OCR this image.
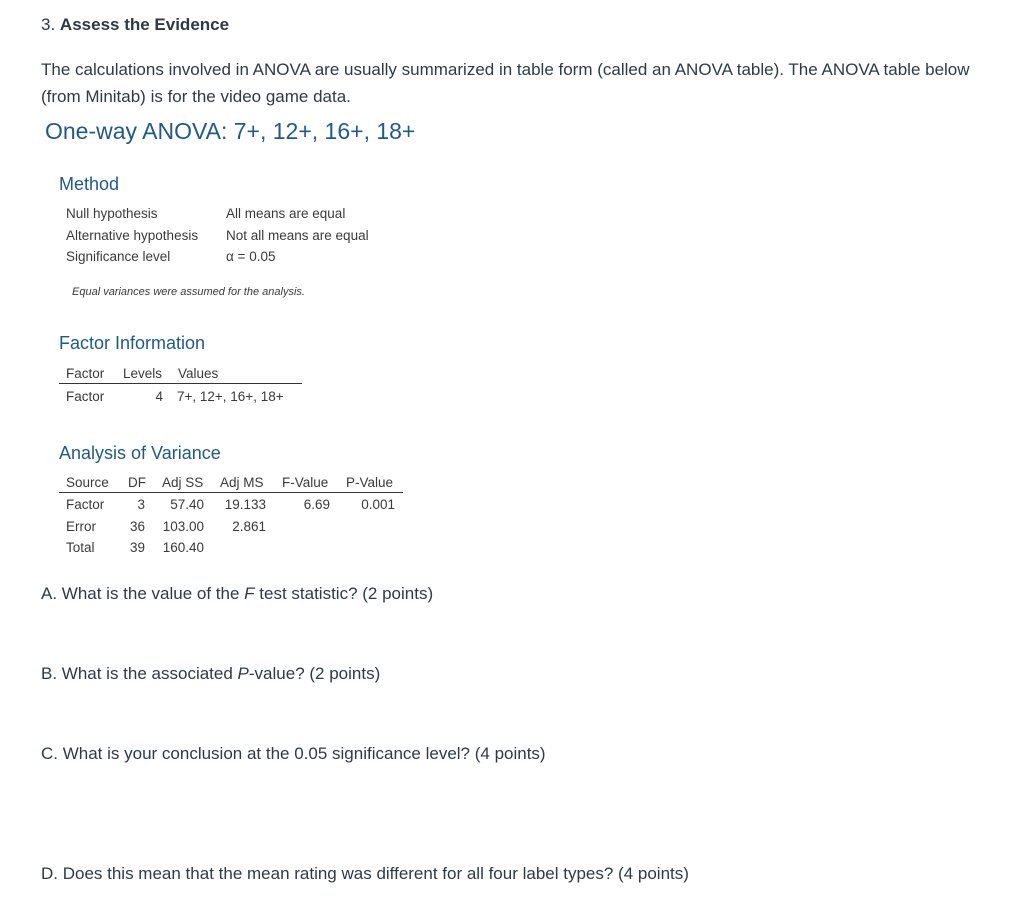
3. Assess the Evidence
The calculations involved in ANOVA are usually summarized in table form (called an ANOVA table). The ANOVA table below (from Minitab) is for the video game data.
One-way ANOVA: 7+, 12+, 16+, 18+
Method
Null hypothesis	All means are equal
Alternative hypothesis Not all means are equal
Significance level	α = 0.05
Equal variances were assumed for the analysis.
Factor Information
Factor Levels Values
Factor	4 7+, 12+, 16+, 18+
Analysis of Variance
Source DF Adj SS Adj MS F-Value P-Value
Factor	3	57.40	19.133	6.69	0.001
Error	36	103.00	2.861
Total	39	160.40
A. What is the value of the F test statistic? (2 points)
B. What is the associated P-value? (2 points)
C. What is your conclusion at the 0.05 significance level? (4 points)
D. Does this mean that the mean rating was different for all four label types? (4 points)
